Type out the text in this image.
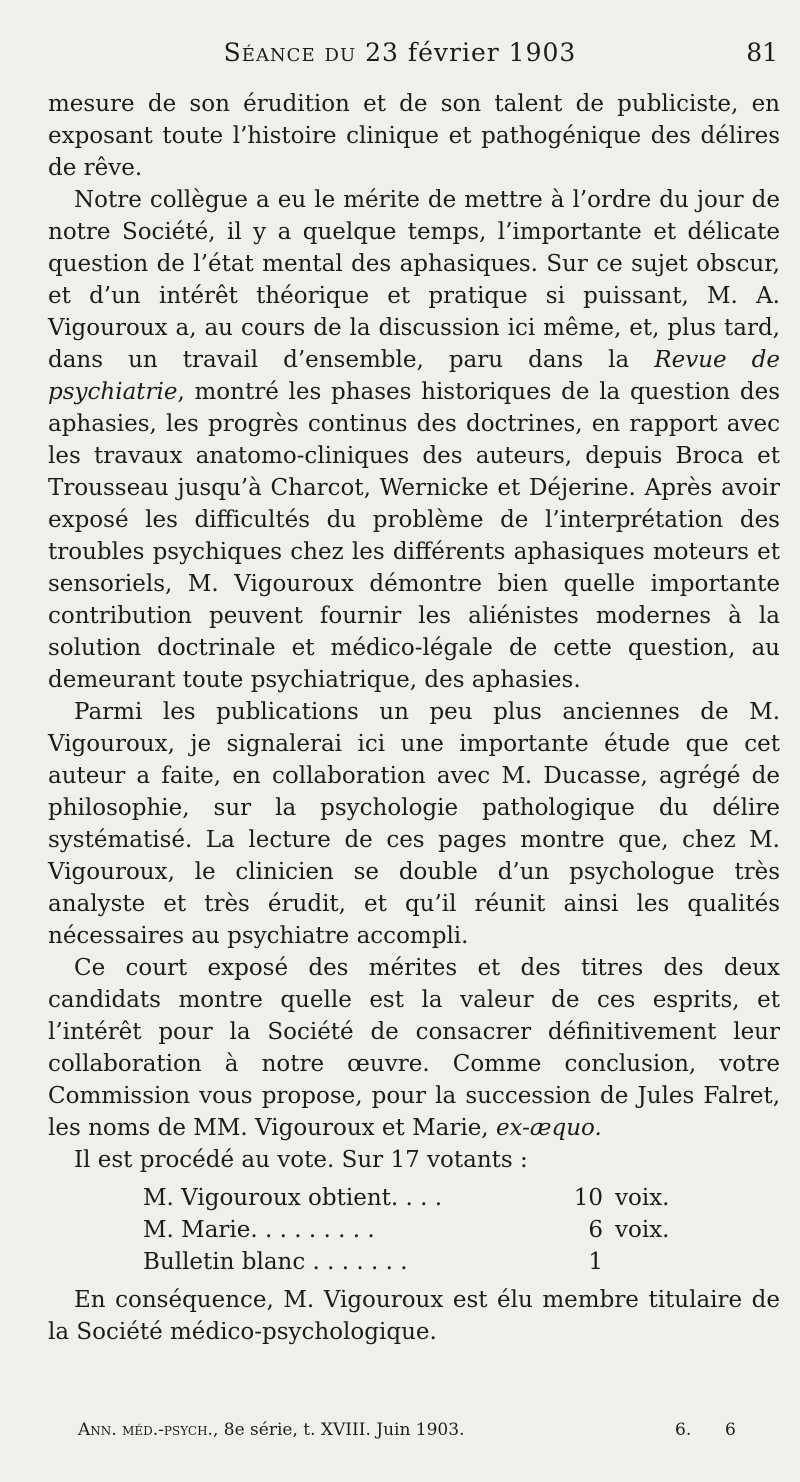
Séance du 23 février 1903	81

mesure de son érudition et de son talent de publiciste, en exposant toute l’histoire clinique et pathogénique des délires de rêve.

Notre collègue a eu le mérite de mettre à l’ordre du jour de notre Société, il y a quelque temps, l’importante et délicate question de l’état mental des aphasiques. Sur ce sujet obscur, et d’un intérêt théorique et pratique si puissant, M. A. Vigouroux a, au cours de la discussion ici même, et, plus tard, dans un travail d’ensemble, paru dans la Revue de psychiatrie, montré les phases historiques de la question des aphasies, les progrès continus des doctrines, en rapport avec les travaux anatomo-cliniques des auteurs, depuis Broca et Trousseau jusqu’à Charcot, Wernicke et Déjerine. Après avoir exposé les difficultés du problème de l’interprétation des troubles psychiques chez les différents aphasiques moteurs et sensoriels, M. Vigouroux démontre bien quelle importante contribution peuvent fournir les aliénistes modernes à la solution doctrinale et médico-légale de cette question, au demeurant toute psychiatrique, des aphasies.

Parmi les publications un peu plus anciennes de M. Vigouroux, je signalerai ici une importante étude que cet auteur a faite, en collaboration avec M. Ducasse, agrégé de philosophie, sur la psychologie pathologique du délire systématisé. La lecture de ces pages montre que, chez M. Vigouroux, le clinicien se double d’un psychologue très analyste et très érudit, et qu’il réunit ainsi les qualités nécessaires au psychiatre accompli.

Ce court exposé des mérites et des titres des deux candidats montre quelle est la valeur de ces esprits, et l’intérêt pour la Société de consacrer définitivement leur collaboration à notre œuvre. Comme conclusion, votre Commission vous propose, pour la succession de Jules Falret, les noms de MM. Vigouroux et Marie, ex-æquo.

Il est procédé au vote. Sur 17 votants :

M. Vigouroux obtient. . . .	10 voix.
M. Marie. . . . . . . . .	6 voix.
Bulletin blanc . . . . . . .	1

En conséquence, M. Vigouroux est élu membre titulaire de la Société médico-psychologique.

Ann. méd.-psych., 8e série, t. XVIII. Juin 1903.	6. 6
